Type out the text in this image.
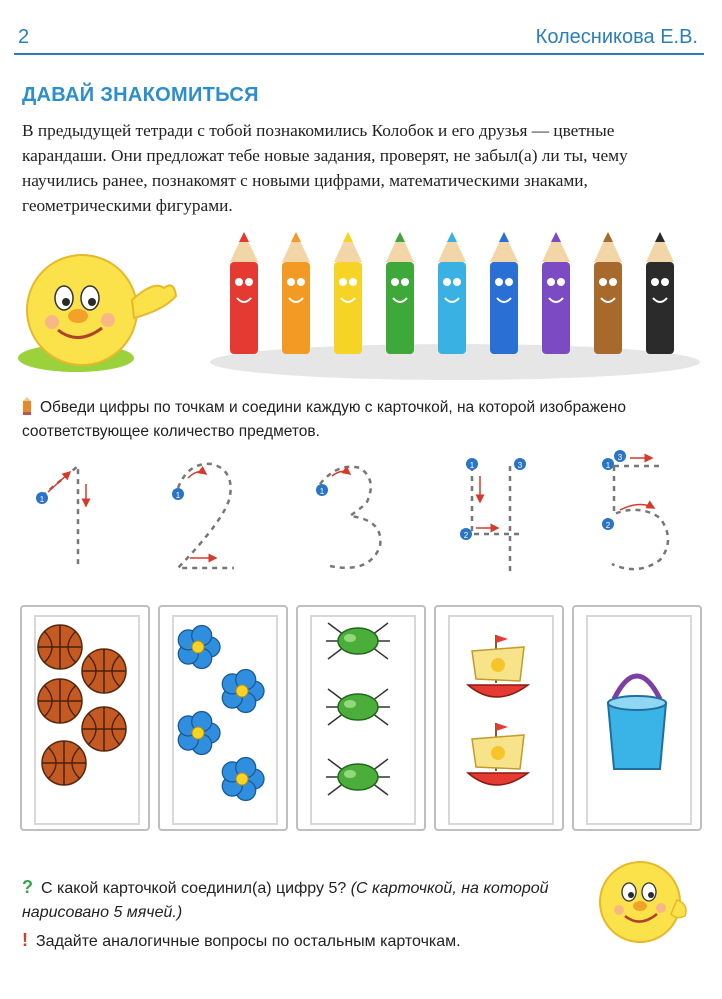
2	Колесникова Е.В.
ДАВАЙ ЗНАКОМИТЬСЯ
В предыдущей тетради с тобой познакомились Колобок и его друзья — цветные карандаши. Они предложат тебе новые задания, проверят, не забыл(а) ли ты, чему научились ранее, познакомят с новыми цифрами, математическими знаками, геометрическими фигурами.
Обведи цифры по точкам и соедини каждую с карточкой, на которой изображено соответствующее количество предметов.
1	1	1
1
2
3	1
2
3
? С какой карточкой соединил(а) цифру 5? (С карточкой, на которой нарисовано 5 мячей.)
! Задайте аналогичные вопросы по остальным карточкам.
